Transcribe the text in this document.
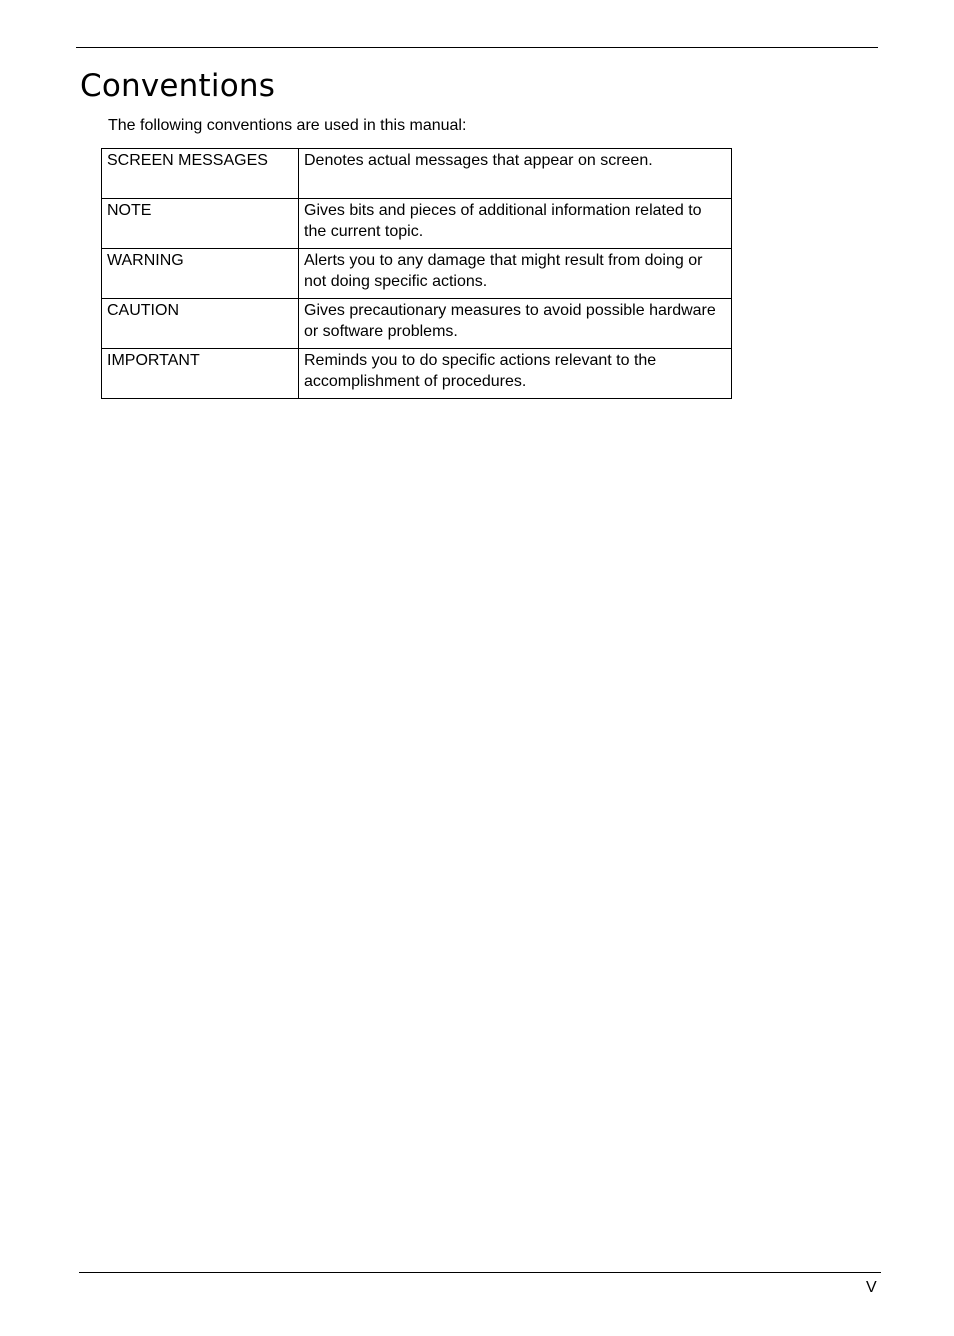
Conventions

The following conventions are used in this manual:

SCREEN MESSAGES	Denotes actual messages that appear on screen.
NOTE	Gives bits and pieces of additional information related to the current topic.
WARNING	Alerts you to any damage that might result from doing or not doing specific actions.
CAUTION	Gives precautionary measures to avoid possible hardware or software problems.
IMPORTANT	Reminds you to do specific actions relevant to the accomplishment of procedures.
V
